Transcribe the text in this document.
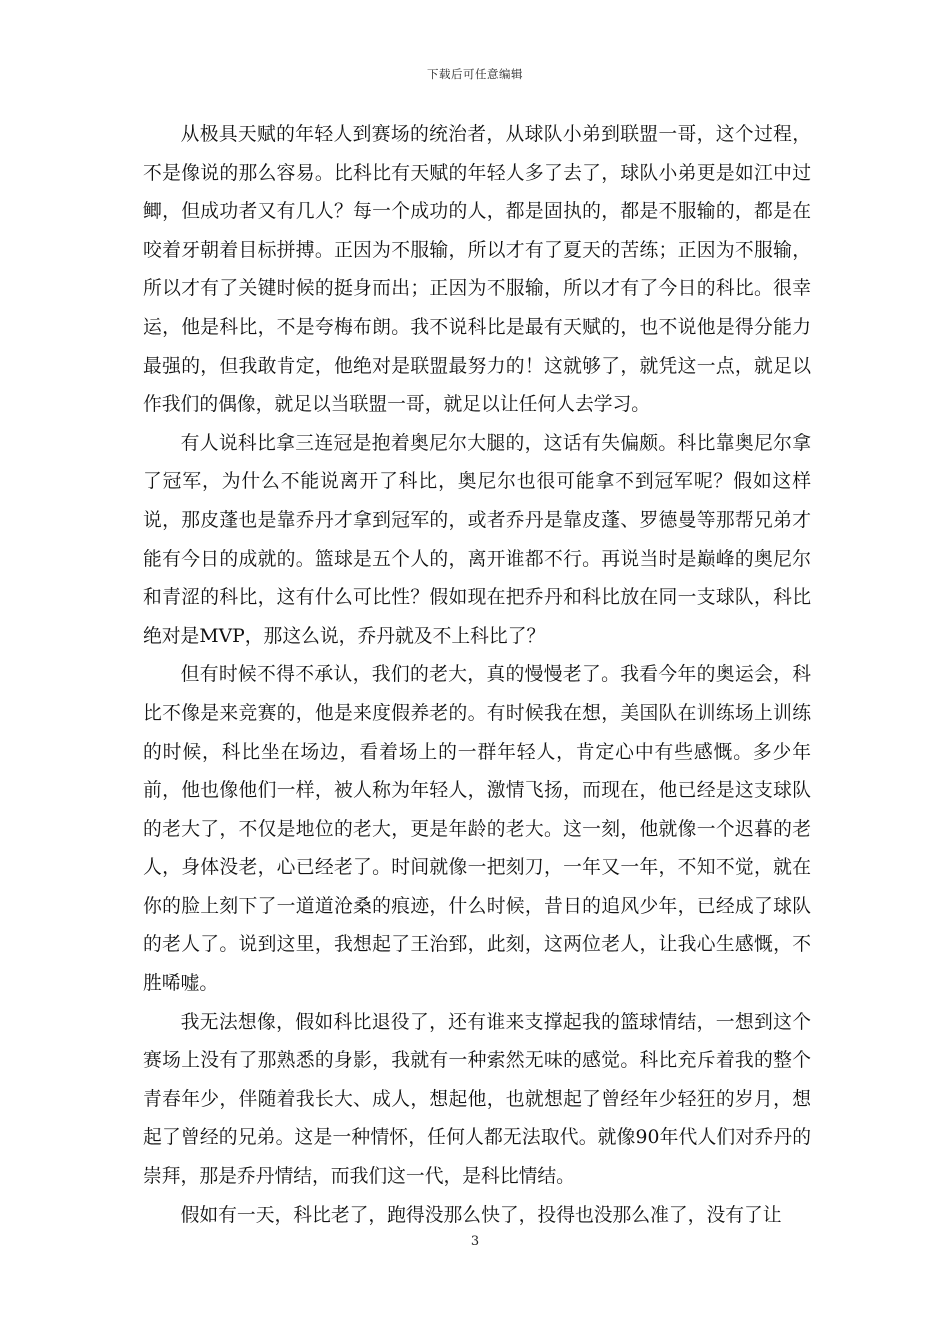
下载后可任意编辑

从极具天赋的年轻人到赛场的统治者，从球队小弟到联盟一哥，这个过程，不是像说的那么容易。比科比有天赋的年轻人多了去了，球队小弟更是如江中过鲫，但成功者又有几人？每一个成功的人，都是固执的，都是不服输的，都是在咬着牙朝着目标拼搏。正因为不服输，所以才有了夏天的苦练；正因为不服输，所以才有了关键时候的挺身而出；正因为不服输，所以才有了今日的科比。很幸运，他是科比，不是夸梅布朗。我不说科比是最有天赋的，也不说他是得分能力最强的，但我敢肯定，他绝对是联盟最努力的！这就够了，就凭这一点，就足以作我们的偶像，就足以当联盟一哥，就足以让任何人去学习。

有人说科比拿三连冠是抱着奥尼尔大腿的，这话有失偏颇。科比靠奥尼尔拿了冠军，为什么不能说离开了科比，奥尼尔也很可能拿不到冠军呢？假如这样说，那皮蓬也是靠乔丹才拿到冠军的，或者乔丹是靠皮蓬、罗德曼等那帮兄弟才能有今日的成就的。篮球是五个人的，离开谁都不行。再说当时是巅峰的奥尼尔和青涩的科比，这有什么可比性？假如现在把乔丹和科比放在同一支球队，科比绝对是MVP，那这么说，乔丹就及不上科比了？

但有时候不得不承认，我们的老大，真的慢慢老了。我看今年的奥运会，科比不像是来竞赛的，他是来度假养老的。有时候我在想，美国队在训练场上训练的时候，科比坐在场边，看着场上的一群年轻人，肯定心中有些感慨。多少年前，他也像他们一样，被人称为年轻人，激情飞扬，而现在，他已经是这支球队的老大了，不仅是地位的老大，更是年龄的老大。这一刻，他就像一个迟暮的老人，身体没老，心已经老了。时间就像一把刻刀，一年又一年，不知不觉，就在你的脸上刻下了一道道沧桑的痕迹，什么时候，昔日的追风少年，已经成了球队的老人了。说到这里，我想起了王治郅，此刻，这两位老人，让我心生感慨，不胜唏嘘。

我无法想像，假如科比退役了，还有谁来支撑起我的篮球情结，一想到这个赛场上没有了那熟悉的身影，我就有一种索然无味的感觉。科比充斥着我的整个青春年少，伴随着我长大、成人，想起他，也就想起了曾经年少轻狂的岁月，想起了曾经的兄弟。这是一种情怀，任何人都无法取代。就像90年代人们对乔丹的崇拜，那是乔丹情结，而我们这一代，是科比情结。

假如有一天，科比老了，跑得没那么快了，投得也没那么准了，没有了让

3
